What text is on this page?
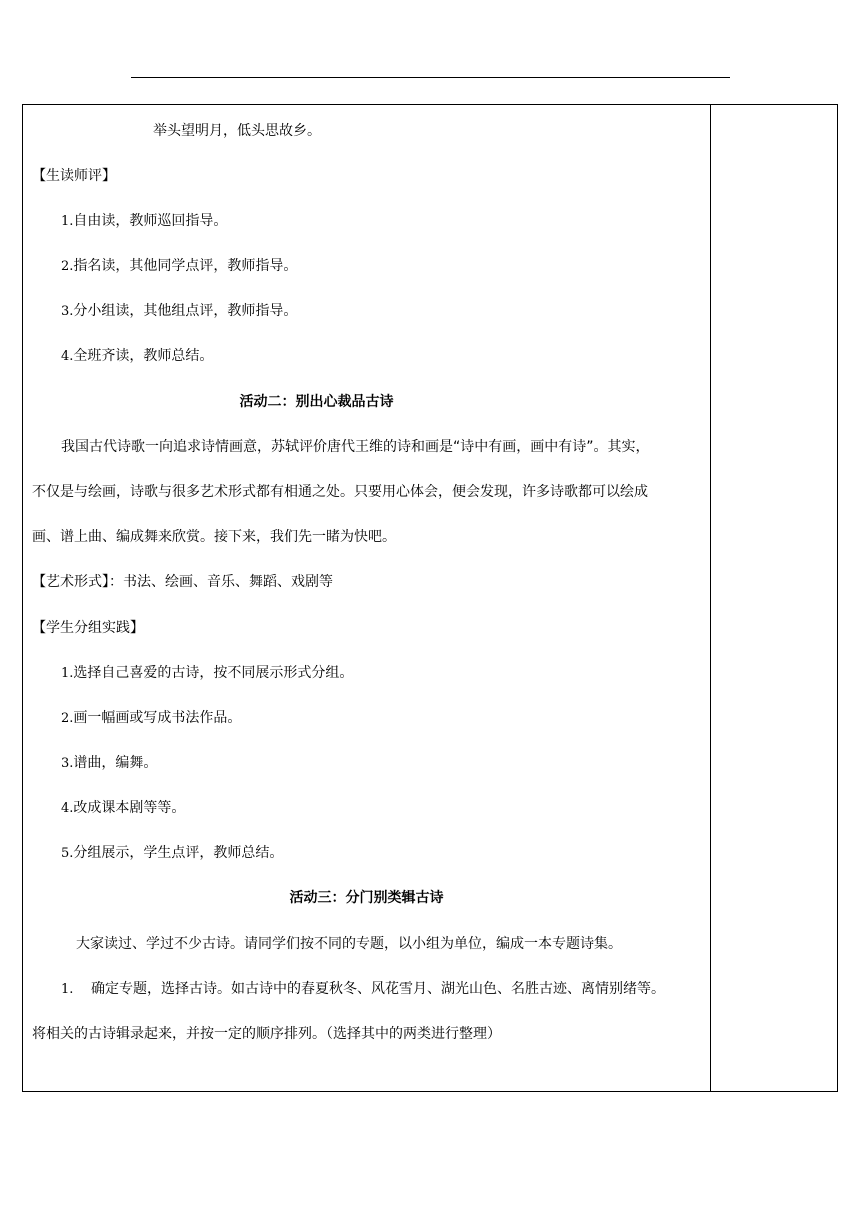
举头望明月，低头思故乡。
【生读师评】
1.自由读，教师巡回指导。
2.指名读，其他同学点评，教师指导。
3.分小组读，其他组点评，教师指导。
4.全班齐读，教师总结。
活动二：别出心裁品古诗
我国古代诗歌一向追求诗情画意，苏轼评价唐代王维的诗和画是“诗中有画，画中有诗”。其实，
不仅是与绘画，诗歌与很多艺术形式都有相通之处。只要用心体会，便会发现，许多诗歌都可以绘成
画、谱上曲、编成舞来欣赏。接下来，我们先一睹为快吧。
【艺术形式】：书法、绘画、音乐、舞蹈、戏剧等
【学生分组实践】
1.选择自己喜爱的古诗，按不同展示形式分组。
2.画一幅画或写成书法作品。
3.谱曲，编舞。
4.改成课本剧等等。
5.分组展示，学生点评，教师总结。
活动三：分门别类辑古诗
大家读过、学过不少古诗。请同学们按不同的专题，以小组为单位，编成一本专题诗集。
1. 确定专题，选择古诗。如古诗中的春夏秋冬、风花雪月、湖光山色、名胜古迹、离情别绪等。
将相关的古诗辑录起来，并按一定的顺序排列。（选择其中的两类进行整理）
